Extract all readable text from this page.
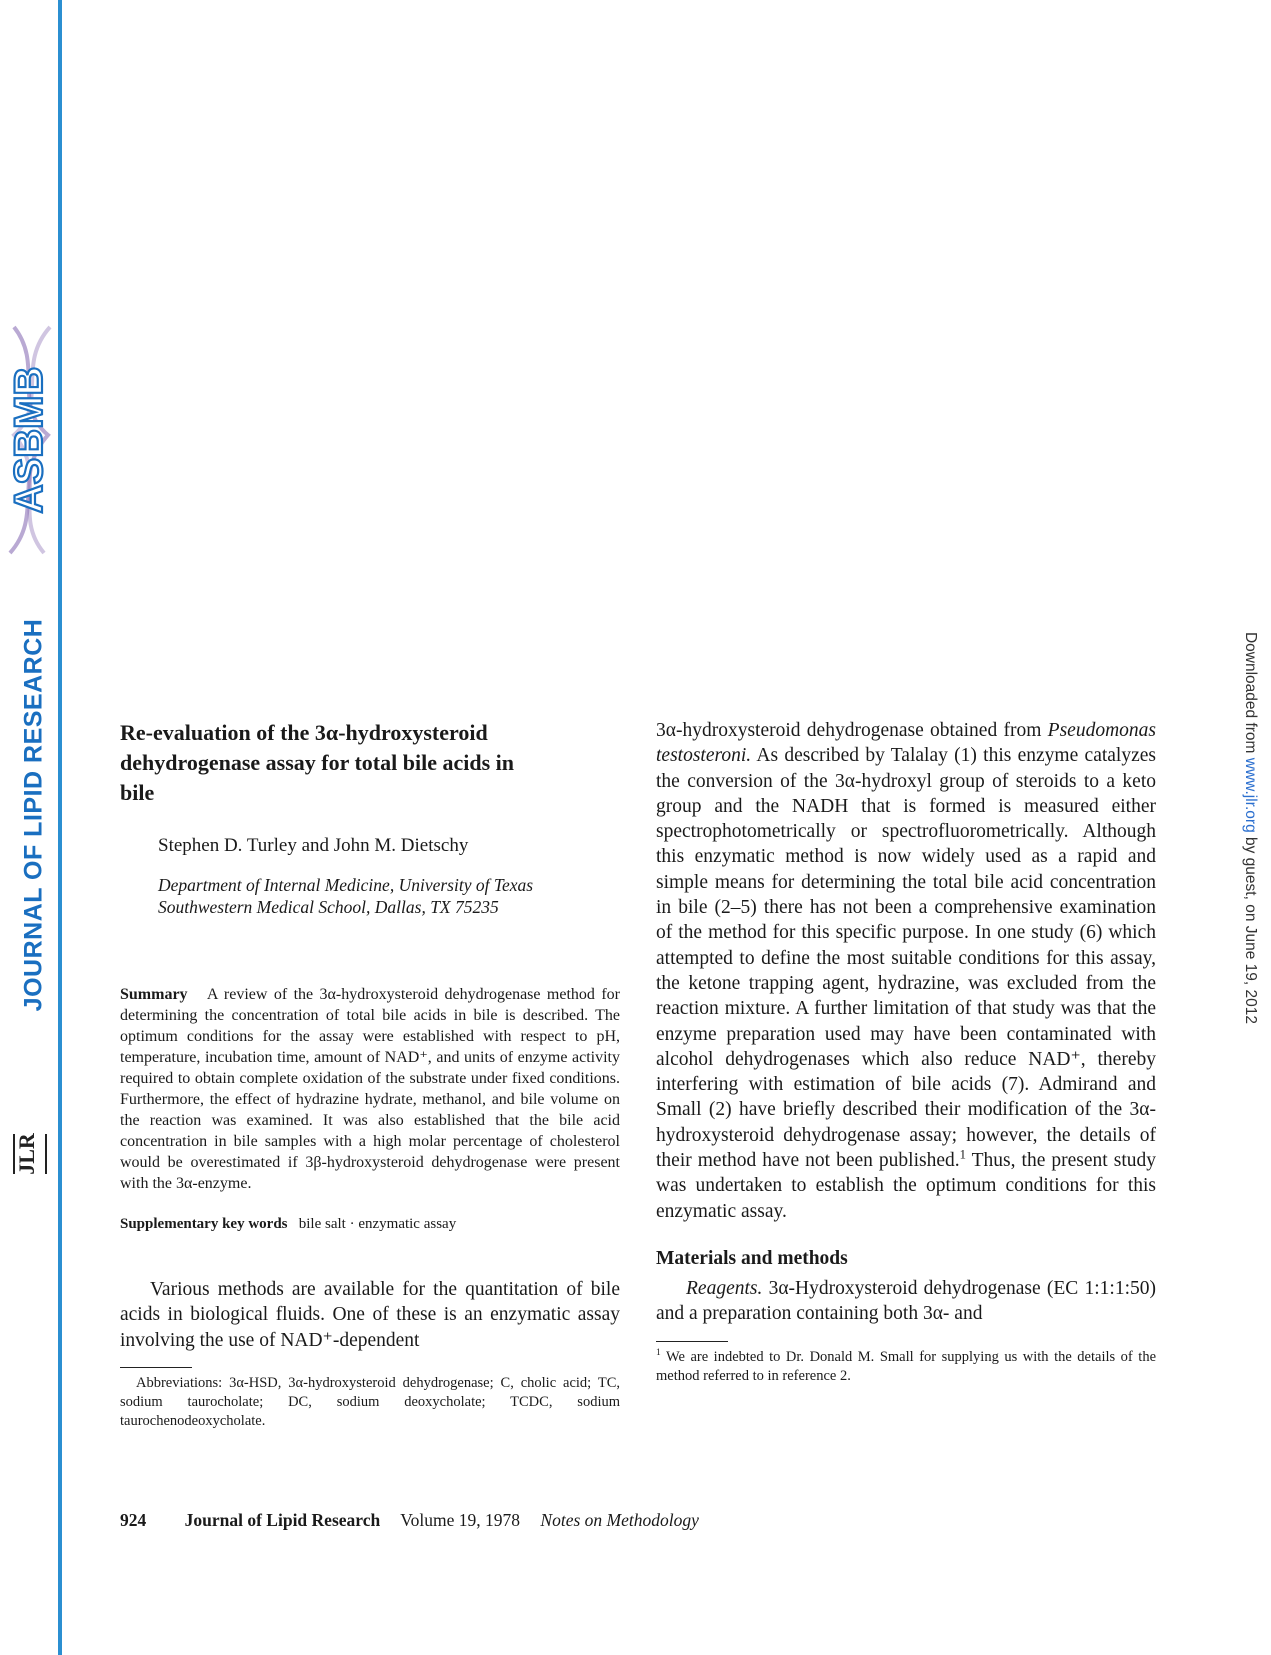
ASBMB
JOURNAL OF LIPID RESEARCH
JLR
Downloaded from www.jlr.org by guest, on June 19, 2012
Re-evaluation of the 3α-hydroxysteroid dehydrogenase assay for total bile acids in bile
Stephen D. Turley and John M. Dietschy
Department of Internal Medicine, University of Texas
Southwestern Medical School, Dallas, TX 75235

Summary A review of the 3α-hydroxysteroid dehydrogenase method for determining the concentration of total bile acids in bile is described. The optimum conditions for the assay were established with respect to pH, temperature, incubation time, amount of NAD⁺, and units of enzyme activity required to obtain complete oxidation of the substrate under fixed conditions. Furthermore, the effect of hydrazine hydrate, methanol, and bile volume on the reaction was examined. It was also established that the bile acid concentration in bile samples with a high molar percentage of cholesterol would be overestimated if 3β-hydroxysteroid dehydrogenase were present with the 3α-enzyme.

Supplementary key words bile salt · enzymatic assay

Various methods are available for the quantitation of bile acids in biological fluids. One of these is an enzymatic assay involving the use of NAD⁺-dependent

Abbreviations: 3α-HSD, 3α-hydroxysteroid dehydrogenase; C, cholic acid; TC, sodium taurocholate; DC, sodium deoxycholate; TCDC, sodium taurochenodeoxycholate.

3α-hydroxysteroid dehydrogenase obtained from Pseudomonas testosteroni. As described by Talalay (1) this enzyme catalyzes the conversion of the 3α-hydroxyl group of steroids to a keto group and the NADH that is formed is measured either spectrophotometrically or spectrofluorometrically. Although this enzymatic method is now widely used as a rapid and simple means for determining the total bile acid concentration in bile (2–5) there has not been a comprehensive examination of the method for this specific purpose. In one study (6) which attempted to define the most suitable conditions for this assay, the ketone trapping agent, hydrazine, was excluded from the reaction mixture. A further limitation of that study was that the enzyme preparation used may have been contaminated with alcohol dehydrogenases which also reduce NAD⁺, thereby interfering with estimation of bile acids (7). Admirand and Small (2) have briefly described their modification of the 3α-hydroxysteroid dehydrogenase assay; however, the details of their method have not been published.$^1$ Thus, the present study was undertaken to establish the optimum conditions for this enzymatic assay.

Materials and methods

Reagents. 3α-Hydroxysteroid dehydrogenase (EC 1:1:1:50) and a preparation containing both 3α- and

$^1$ We are indebted to Dr. Donald M. Small for supplying us with the details of the method referred to in reference 2.

924 Journal of Lipid Research Volume 19, 1978 Notes on Methodology
